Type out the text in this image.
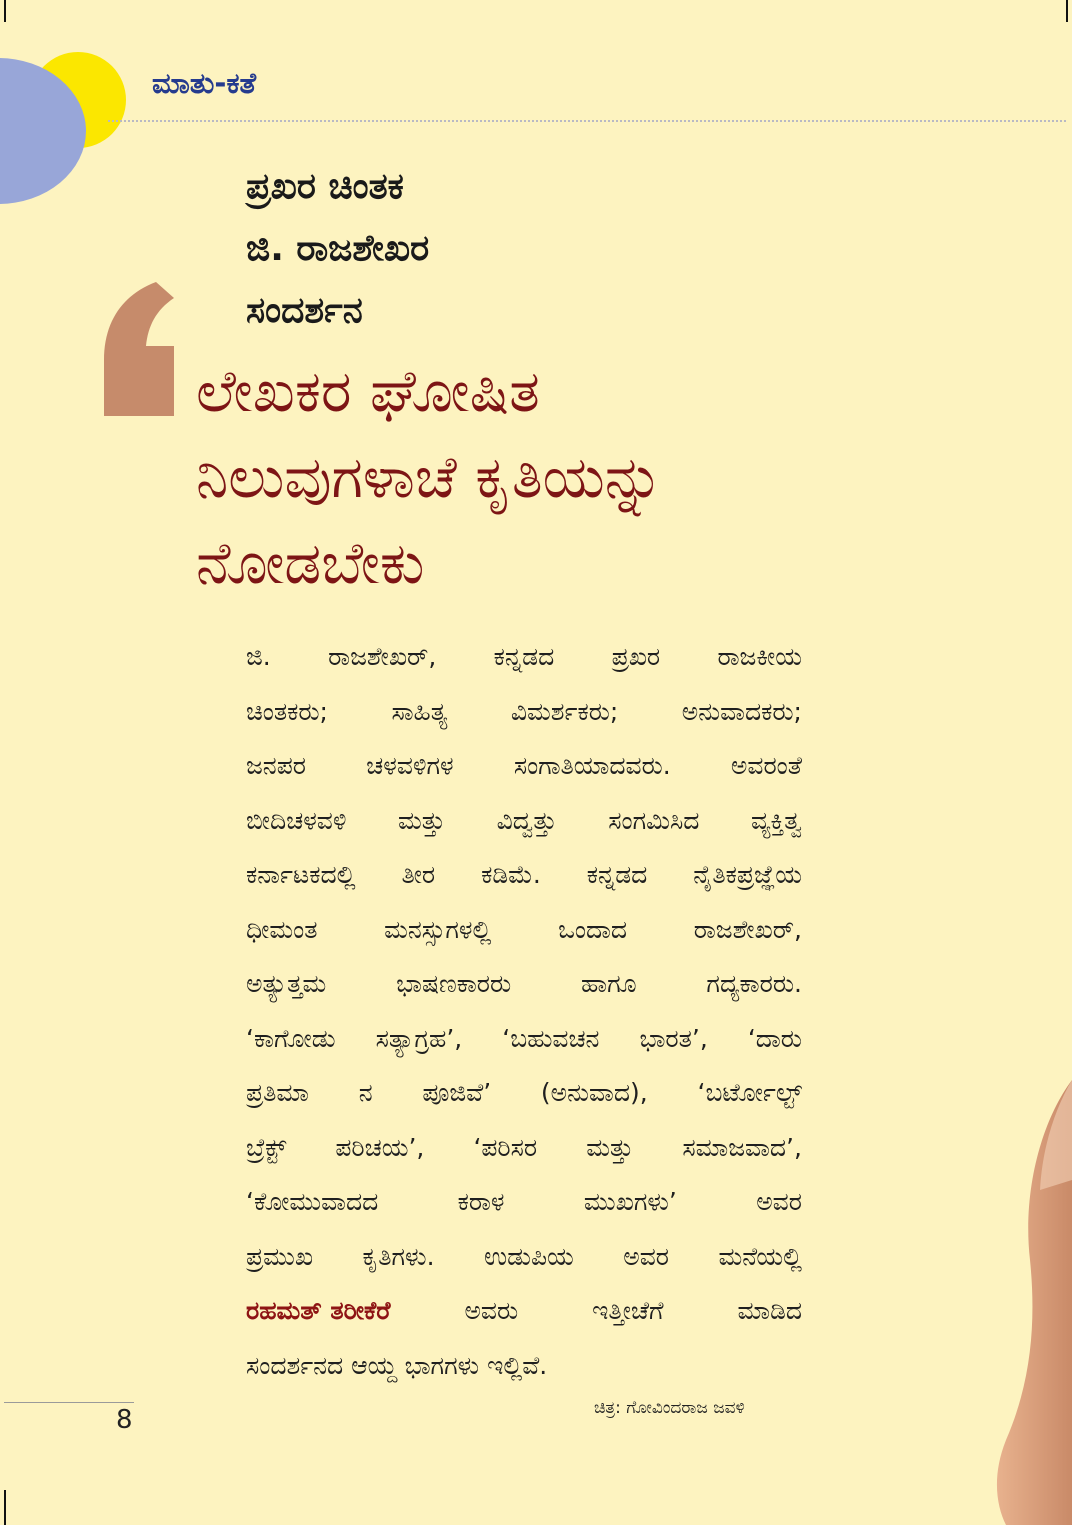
ಮಾತು-ಕತೆ
ಪ್ರಖರ ಚಿಂತಕ
ಜಿ. ರಾಜಶೇಖರ
ಸಂದರ್ಶನ
ಲೇಖಕರ ಘೋಷಿತ
ನಿಲುವುಗಳಾಚೆ ಕೃತಿಯನ್ನು
ನೋಡಬೇಕು
ಜಿ. ರಾಜಶೇಖರ್, ಕನ್ನಡದ ಪ್ರಖರ ರಾಜಕೀಯ
ಚಿಂತಕರು;	ಸಾಹಿತ್ಯ	ವಿಮರ್ಶಕರು;	ಅನುವಾದಕರು;
ಜನಪರ ಚಳವಳಿಗಳ ಸಂಗಾತಿಯಾದವರು. ಅವರಂತೆ
ಬೀದಿಚಳವಳಿ ಮತ್ತು ವಿದ್ವತ್ತು ಸಂಗಮಿಸಿದ ವ್ಯಕ್ತಿತ್ವ
ಕರ್ನಾಟಕದಲ್ಲಿ ತೀರ ಕಡಿಮೆ. ಕನ್ನಡದ ನೈತಿಕಪ್ರಜ್ಞೆಯ
ಧೀಮಂತ	ಮನಸ್ಸುಗಳಲ್ಲಿ	ಒಂದಾದ	ರಾಜಶೇಖರ್,
ಅತ್ಯುತ್ತಮ	ಭಾಷಣಕಾರರು	ಹಾಗೂ	ಗದ್ಯಕಾರರು.
‘ಕಾಗೋಡು ಸತ್ಯಾಗ್ರಹ’, ‘ಬಹುವಚನ ಭಾರತ’, ‘ದಾರು
ಪ್ರತಿಮಾ ನ ಪೂಜಿವೆ’ (ಅನುವಾದ), ‘ಬರ್ಟೋಲ್ಟ್
ಬ್ರೆಕ್ಟ್ ಪರಿಚಯ’, ‘ಪರಿಸರ ಮತ್ತು ಸಮಾಜವಾದ’,
‘ಕೋಮುವಾದದ	ಕರಾಳ	ಮುಖಗಳು’	ಅವರ
ಪ್ರಮುಖ ಕೃತಿಗಳು. ಉಡುಪಿಯ ಅವರ ಮನೆಯಲ್ಲಿ
ರಹಮತ್ ತರೀಕೆರೆ	ಅವರು	ಇತ್ತೀಚೆಗೆ	ಮಾಡಿದ
ಸಂದರ್ಶನದ ಆಯ್ದ ಭಾಗಗಳು ಇಲ್ಲಿವೆ.
8	ಚಿತ್ರ: ಗೋವಿಂದರಾಜ ಜವಳಿ
